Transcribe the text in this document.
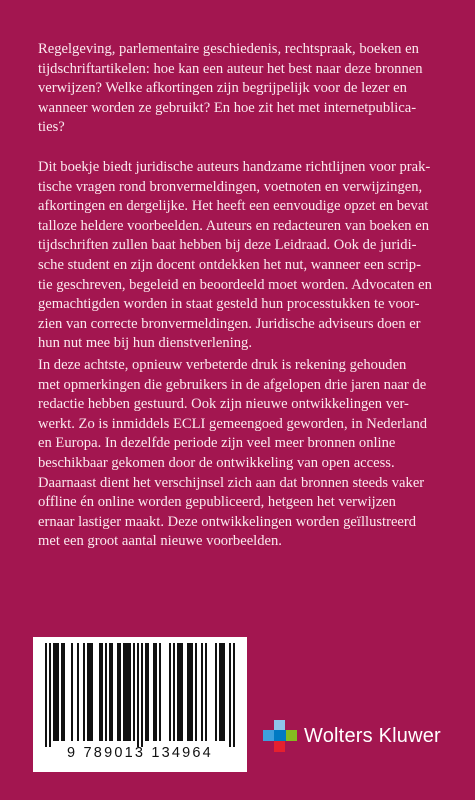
Regelgeving, parlementaire geschiedenis, rechtspraak, boeken en
tijdschriftartikelen: hoe kan een auteur het best naar deze bronnen
verwijzen? Welke afkortingen zijn begrijpelijk voor de lezer en
wanneer worden ze gebruikt? En hoe zit het met internetpublica-
ties?
Dit boekje biedt juridische auteurs handzame richtlijnen voor prak-
tische vragen rond bronvermeldingen, voetnoten en verwijzingen,
afkortingen en dergelijke. Het heeft een eenvoudige opzet en bevat
talloze heldere voorbeelden. Auteurs en redacteuren van boeken en
tijdschriften zullen baat hebben bij deze Leidraad. Ook de juridi-
sche student en zijn docent ontdekken het nut, wanneer een scrip-
tie geschreven, begeleid en beoordeeld moet worden. Advocaten en
gemachtigden worden in staat gesteld hun processtukken te voor-
zien van correcte bronvermeldingen. Juridische adviseurs doen er
hun nut mee bij hun dienstverlening.
In deze achtste, opnieuw verbeterde druk is rekening gehouden
met opmerkingen die gebruikers in de afgelopen drie jaren naar de
redactie hebben gestuurd. Ook zijn nieuwe ontwikkelingen ver-
werkt. Zo is inmiddels ECLI gemeengoed geworden, in Nederland
en Europa. In dezelfde periode zijn veel meer bronnen online
beschikbaar gekomen door de ontwikkeling van open access.
Daarnaast dient het verschijnsel zich aan dat bronnen steeds vaker
offline én online worden gepubliceerd, hetgeen het verwijzen
ernaar lastiger maakt. Deze ontwikkelingen worden geïllustreerd
met een groot aantal nieuwe voorbeelden.
9 789013 134964
Wolters Kluwer
